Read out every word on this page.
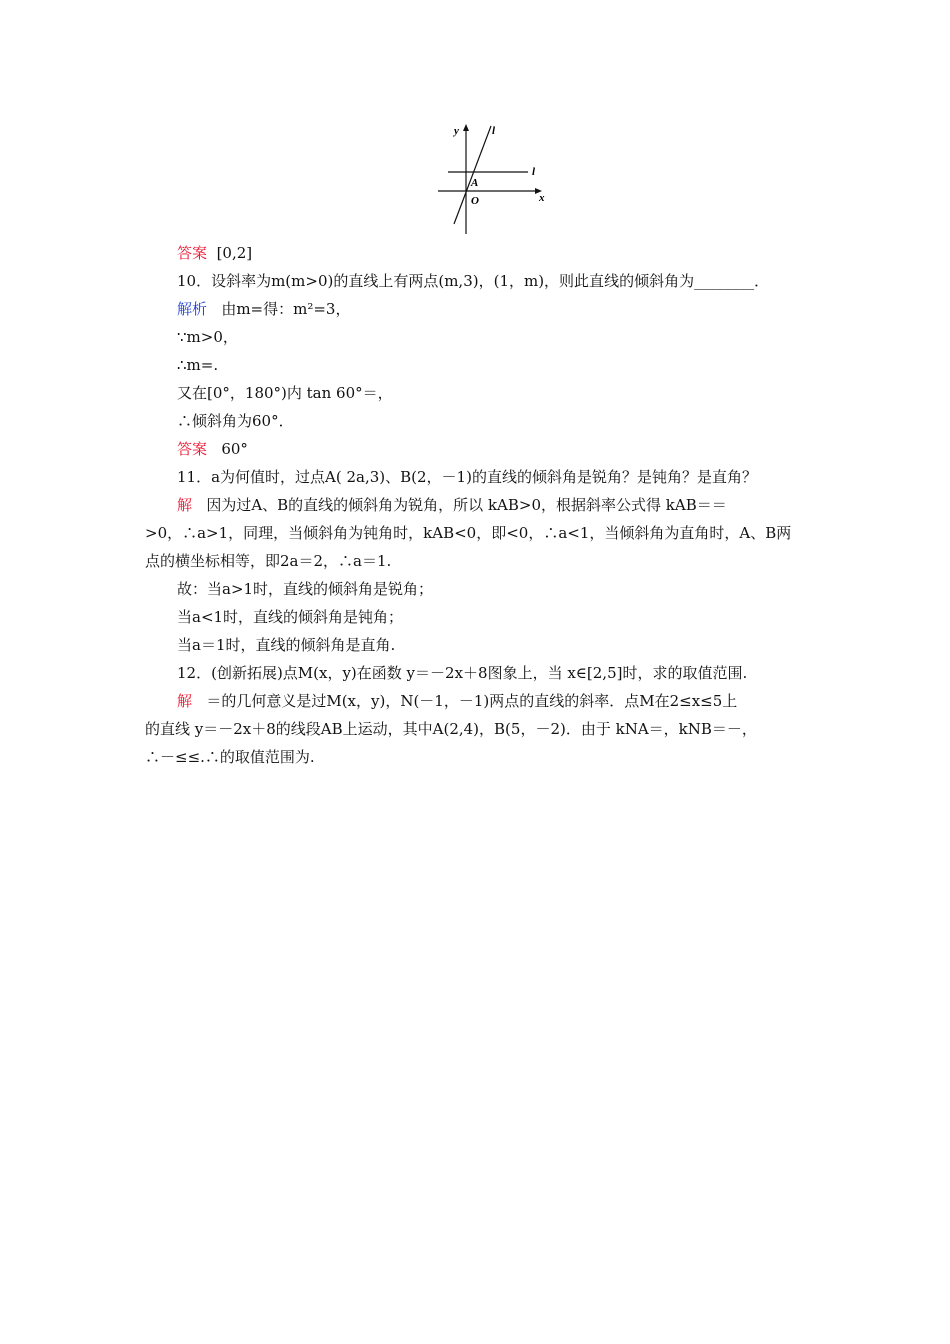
y	l
l
A
O	x
答案 [0,2]
10．设斜率为m(m>0)的直线上有两点(m,3)，(1，m)，则此直线的倾斜角为________．
解析 由m=得：m²=3，
∵m>0，
∴m=.
又在[0°，180°)内 tan 60°＝，
∴倾斜角为60°．
答案 60°
11．a为何值时，过点A( 2a,3)、B(2，－1)的直线的倾斜角是锐角？是钝角？是直角？
解 因为过A、B的直线的倾斜角为锐角，所以 kAB>0，根据斜率公式得 kAB＝＝
>0，∴a>1，同理，当倾斜角为钝角时，kAB<0，即<0，∴a<1，当倾斜角为直角时，A、B两
点的横坐标相等，即2a＝2，∴a＝1.
故：当a>1时，直线的倾斜角是锐角；
当a<1时，直线的倾斜角是钝角；
当a＝1时，直线的倾斜角是直角.
12．(创新拓展)点M(x，y)在函数 y＝－2x＋8图象上，当 x∈[2,5]时，求的取值范围.
解 ＝的几何意义是过M(x，y)，N(－1，－1)两点的直线的斜率．点M在2≤x≤5上
的直线 y＝－2x＋8的线段AB上运动，其中A(2,4)，B(5，－2)．由于 kNA＝，kNB＝－，
∴－≤≤.∴的取值范围为.
